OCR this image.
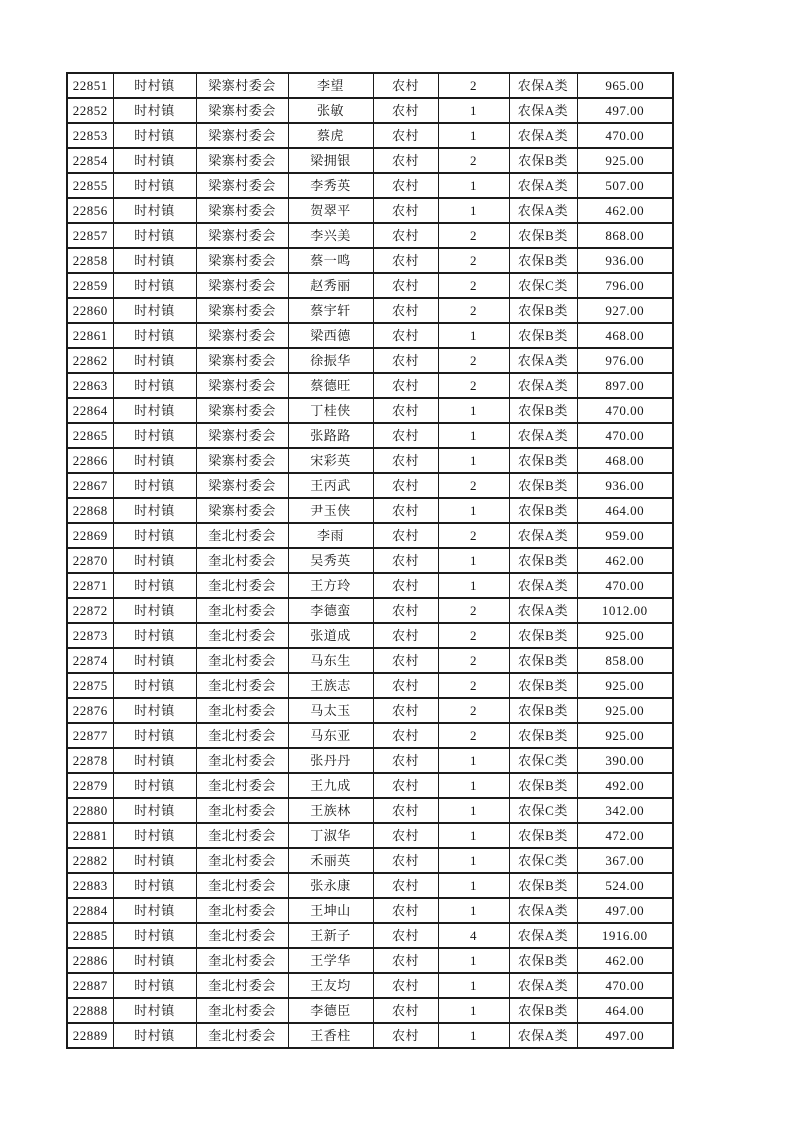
22851	时村镇	梁寨村委会	李望	农村	2	农保A类	965.00
22852	时村镇	梁寨村委会	张敏	农村	1	农保A类	497.00
22853	时村镇	梁寨村委会	蔡虎	农村	1	农保A类	470.00
22854	时村镇	梁寨村委会	梁拥银	农村	2	农保B类	925.00
22855	时村镇	梁寨村委会	李秀英	农村	1	农保A类	507.00
22856	时村镇	梁寨村委会	贺翠平	农村	1	农保A类	462.00
22857	时村镇	梁寨村委会	李兴美	农村	2	农保B类	868.00
22858	时村镇	梁寨村委会	蔡一鸣	农村	2	农保B类	936.00
22859	时村镇	梁寨村委会	赵秀丽	农村	2	农保C类	796.00
22860	时村镇	梁寨村委会	蔡宇轩	农村	2	农保B类	927.00
22861	时村镇	梁寨村委会	梁西德	农村	1	农保B类	468.00
22862	时村镇	梁寨村委会	徐振华	农村	2	农保A类	976.00
22863	时村镇	梁寨村委会	蔡德旺	农村	2	农保A类	897.00
22864	时村镇	梁寨村委会	丁桂侠	农村	1	农保B类	470.00
22865	时村镇	梁寨村委会	张路路	农村	1	农保A类	470.00
22866	时村镇	梁寨村委会	宋彩英	农村	1	农保B类	468.00
22867	时村镇	梁寨村委会	王丙武	农村	2	农保B类	936.00
22868	时村镇	梁寨村委会	尹玉侠	农村	1	农保B类	464.00
22869	时村镇	奎北村委会	李雨	农村	2	农保A类	959.00
22870	时村镇	奎北村委会	吴秀英	农村	1	农保B类	462.00
22871	时村镇	奎北村委会	王方玲	农村	1	农保A类	470.00
22872	时村镇	奎北村委会	李德蛮	农村	2	农保A类	1012.00
22873	时村镇	奎北村委会	张道成	农村	2	农保B类	925.00
22874	时村镇	奎北村委会	马东生	农村	2	农保B类	858.00
22875	时村镇	奎北村委会	王族志	农村	2	农保B类	925.00
22876	时村镇	奎北村委会	马太玉	农村	2	农保B类	925.00
22877	时村镇	奎北村委会	马东亚	农村	2	农保B类	925.00
22878	时村镇	奎北村委会	张丹丹	农村	1	农保C类	390.00
22879	时村镇	奎北村委会	王九成	农村	1	农保B类	492.00
22880	时村镇	奎北村委会	王族林	农村	1	农保C类	342.00
22881	时村镇	奎北村委会	丁淑华	农村	1	农保B类	472.00
22882	时村镇	奎北村委会	禾丽英	农村	1	农保C类	367.00
22883	时村镇	奎北村委会	张永康	农村	1	农保B类	524.00
22884	时村镇	奎北村委会	王坤山	农村	1	农保A类	497.00
22885	时村镇	奎北村委会	王新子	农村	4	农保A类	1916.00
22886	时村镇	奎北村委会	王学华	农村	1	农保B类	462.00
22887	时村镇	奎北村委会	王友均	农村	1	农保A类	470.00
22888	时村镇	奎北村委会	李德臣	农村	1	农保B类	464.00
22889	时村镇	奎北村委会	王香柱	农村	1	农保A类	497.00
